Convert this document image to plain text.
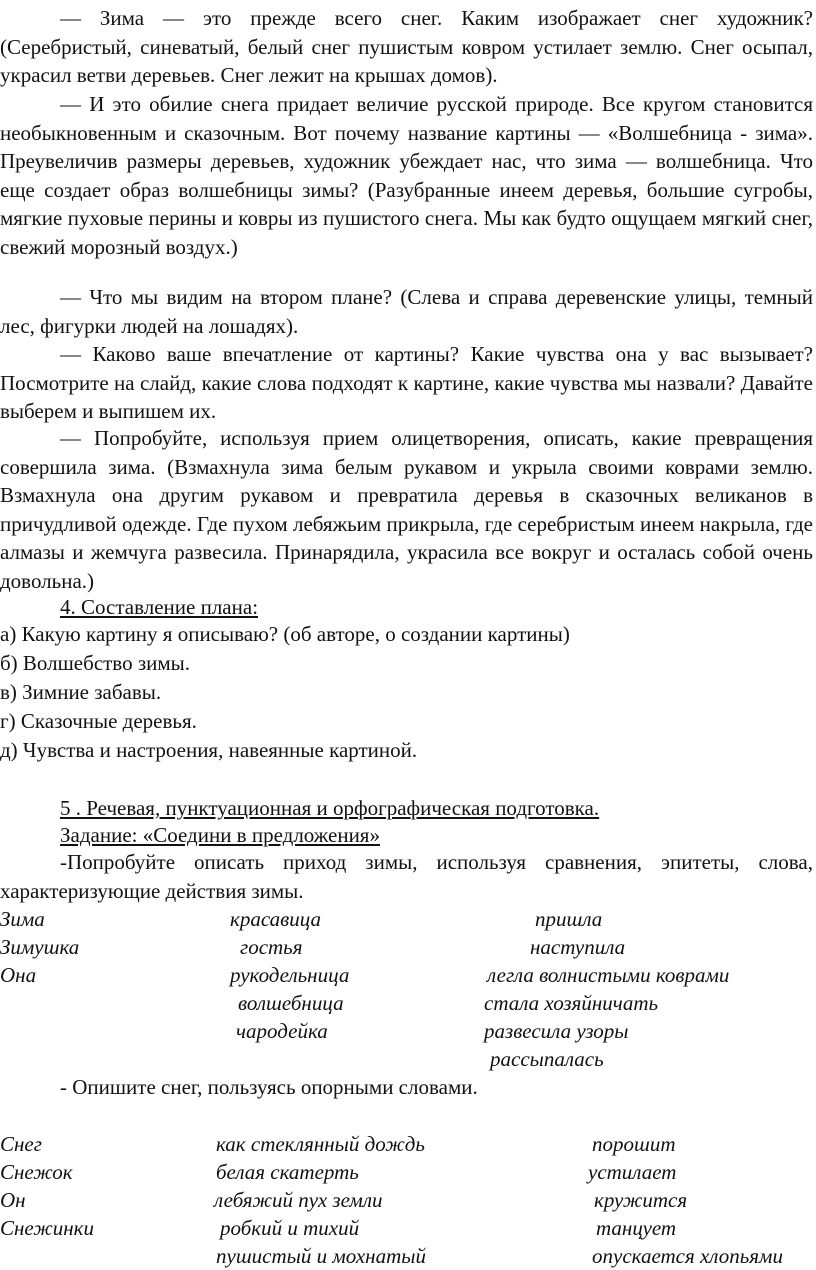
— Зима — это прежде всего снег. Каким изображает снег художник? (Серебристый, синеватый, белый снег пушистым ковром устилает землю. Снег осыпал, украсил ветви деревьев. Снег лежит на крышах домов).

— И это обилие снега придает величие русской природе. Все кругом становится необыкновенным и сказочным. Вот почему название картины — «Волшебница - зима». Преувеличив размеры деревьев, художник убеждает нас, что зима — волшебница. Что еще создает образ волшебницы зимы? (Разубранные инеем деревья, большие сугробы, мягкие пуховые перины и ковры из пушистого снега. Мы как будто ощущаем мягкий снег, свежий морозный воздух.)

— Что мы видим на втором плане? (Слева и справа деревенские улицы, темный лес, фигурки людей на лошадях).

— Каково ваше впечатление от картины? Какие чувства она у вас вызывает? Посмотрите на слайд, какие слова подходят к картине, какие чувства мы назвали? Давайте выберем и выпишем их.

— Попробуйте, используя прием олицетворения, описать, какие превращения совершила зима. (Взмахнула зима белым рукавом и укрыла своими коврами землю. Взмахнула она другим рукавом и превратила деревья в сказочных великанов в причудливой одежде. Где пухом лебяжьим прикрыла, где серебристым инеем накрыла, где алмазы и жемчуга развесила. Принарядила, украсила все вокруг и осталась собой очень довольна.)

4. Составление плана:
а) Какую картину я описываю? (об авторе, о создании картины)
б) Волшебство зимы.
в) Зимние забавы.
г) Сказочные деревья.
д) Чувства и настроения, навеянные картиной.
5 . Речевая, пунктуационная и орфографическая подготовка.
Задание: «Соедини в предложения»

-Попробуйте описать приход зимы, используя сравнения, эпитеты, слова, характеризующие действия зимы.

Зима
Зимушка
Она
красавица
гостья
рукодельница
волшебница
чародейка
пришла
наступила
легла волнистыми коврами
стала хозяйничать
развесила узоры
рассыпалась
- Опишите снег, пользуясь опорными словами.
Снег
Снежок
Он
Снежинки
как стеклянный дождь
белая скатерть
лебяжий пух земли
робкий и тихий
пушистый и мохнатый
порошит
устилает
кружится
танцует
опускается хлопьями
